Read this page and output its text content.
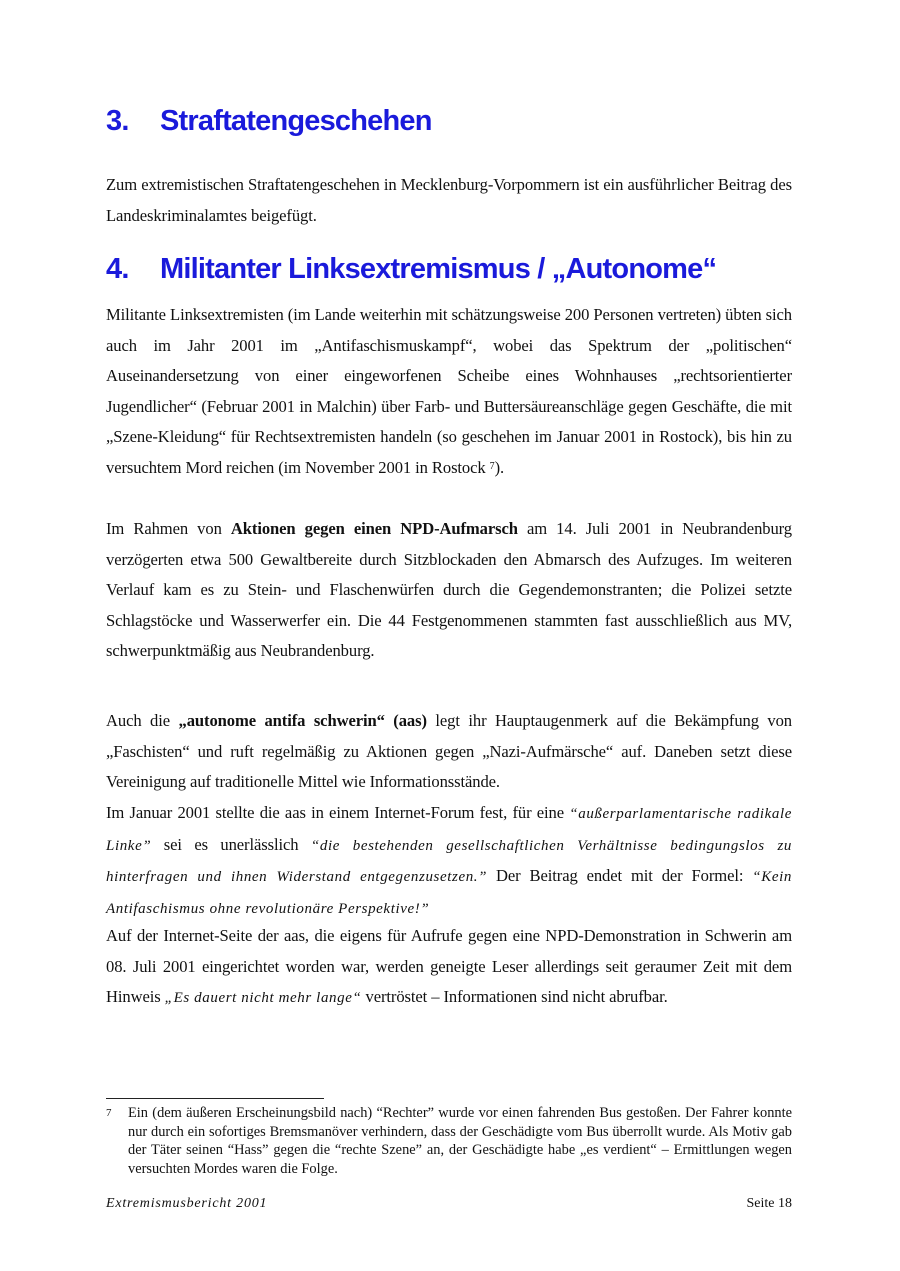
3. Straftatengeschehen

Zum extremistischen Straftatengeschehen in Mecklenburg-Vorpommern ist ein ausführlicher Beitrag des Landeskriminalamtes beigefügt.

4. Militanter Linksextremismus / „Autonome“

Militante Linksextremisten (im Lande weiterhin mit schätzungsweise 200 Personen vertreten) übten sich auch im Jahr 2001 im „Antifaschismuskampf“, wobei das Spektrum der „politischen“ Auseinandersetzung von einer eingeworfenen Scheibe eines Wohnhauses „rechtsorientierter Jugendlicher“ (Februar 2001 in Malchin) über Farb- und Buttersäureanschläge gegen Geschäfte, die mit „Szene-Kleidung“ für Rechtsextremisten handeln (so geschehen im Januar 2001 in Rostock), bis hin zu versuchtem Mord reichen (im November 2001 in Rostock $^7$).

Im Rahmen von Aktionen gegen einen NPD-Aufmarsch am 14. Juli 2001 in Neubrandenburg verzögerten etwa 500 Gewaltbereite durch Sitzblockaden den Abmarsch des Aufzuges. Im weiteren Verlauf kam es zu Stein- und Flaschenwürfen durch die Gegendemonstranten; die Polizei setzte Schlagstöcke und Wasserwerfer ein. Die 44 Festgenommenen stammten fast ausschließlich aus MV, schwerpunktmäßig aus Neubrandenburg.

Auch die „autonome antifa schwerin“ (aas) legt ihr Hauptaugenmerk auf die Bekämpfung von „Faschisten“ und ruft regelmäßig zu Aktionen gegen „Nazi-Aufmärsche“ auf. Daneben setzt diese Vereinigung auf traditionelle Mittel wie Informationsstände.

Im Januar 2001 stellte die aas in einem Internet-Forum fest, für eine “außerparlamentarische radikale Linke” sei es unerlässlich “die bestehenden gesellschaftlichen Verhältnisse bedingungslos zu hinterfragen und ihnen Widerstand entgegenzusetzen.” Der Beitrag endet mit der Formel: “Kein Antifaschismus ohne revolutionäre Perspektive!”

Auf der Internet-Seite der aas, die eigens für Aufrufe gegen eine NPD-Demonstration in Schwerin am 08. Juli 2001 eingerichtet worden war, werden geneigte Leser allerdings seit geraumer Zeit mit dem Hinweis „Es dauert nicht mehr lange“ vertröstet – Informationen sind nicht abrufbar.

7 Ein (dem äußeren Erscheinungsbild nach) “Rechter” wurde vor einen fahrenden Bus gestoßen. Der Fahrer konnte nur durch ein sofortiges Bremsmanöver verhindern, dass der Geschädigte vom Bus überrollt wurde. Als Motiv gab der Täter seinen “Hass” gegen die “rechte Szene” an, der Geschädigte habe „es verdient“ – Ermittlungen wegen versuchten Mordes waren die Folge.
Extremismusbericht 2001	Seite 18
